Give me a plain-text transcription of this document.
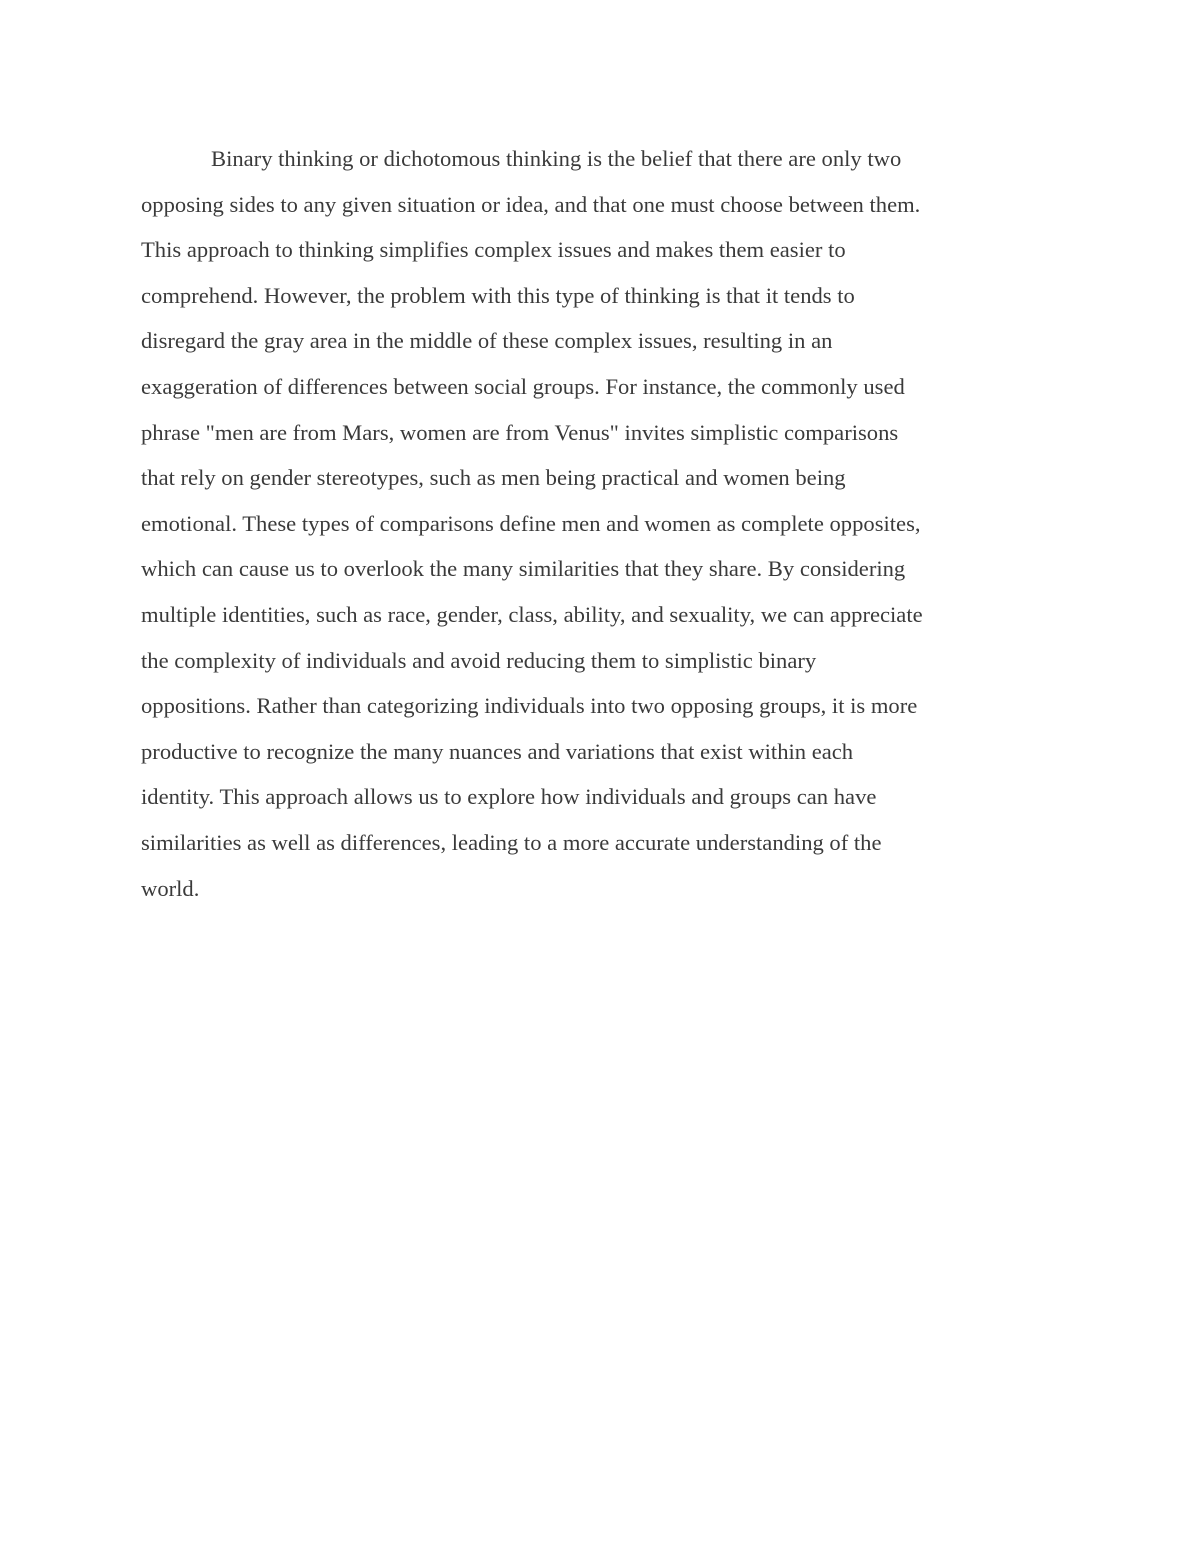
Binary thinking or dichotomous thinking is the belief that there are only two
opposing sides to any given situation or idea, and that one must choose between them.
This approach to thinking simplifies complex issues and makes them easier to
comprehend. However, the problem with this type of thinking is that it tends to
disregard the gray area in the middle of these complex issues, resulting in an
exaggeration of differences between social groups. For instance, the commonly used
phrase "men are from Mars, women are from Venus" invites simplistic comparisons
that rely on gender stereotypes, such as men being practical and women being
emotional. These types of comparisons define men and women as complete opposites,
which can cause us to overlook the many similarities that they share. By considering
multiple identities, such as race, gender, class, ability, and sexuality, we can appreciate
the complexity of individuals and avoid reducing them to simplistic binary
oppositions. Rather than categorizing individuals into two opposing groups, it is more
productive to recognize the many nuances and variations that exist within each
identity. This approach allows us to explore how individuals and groups can have
similarities as well as differences, leading to a more accurate understanding of the
world.
